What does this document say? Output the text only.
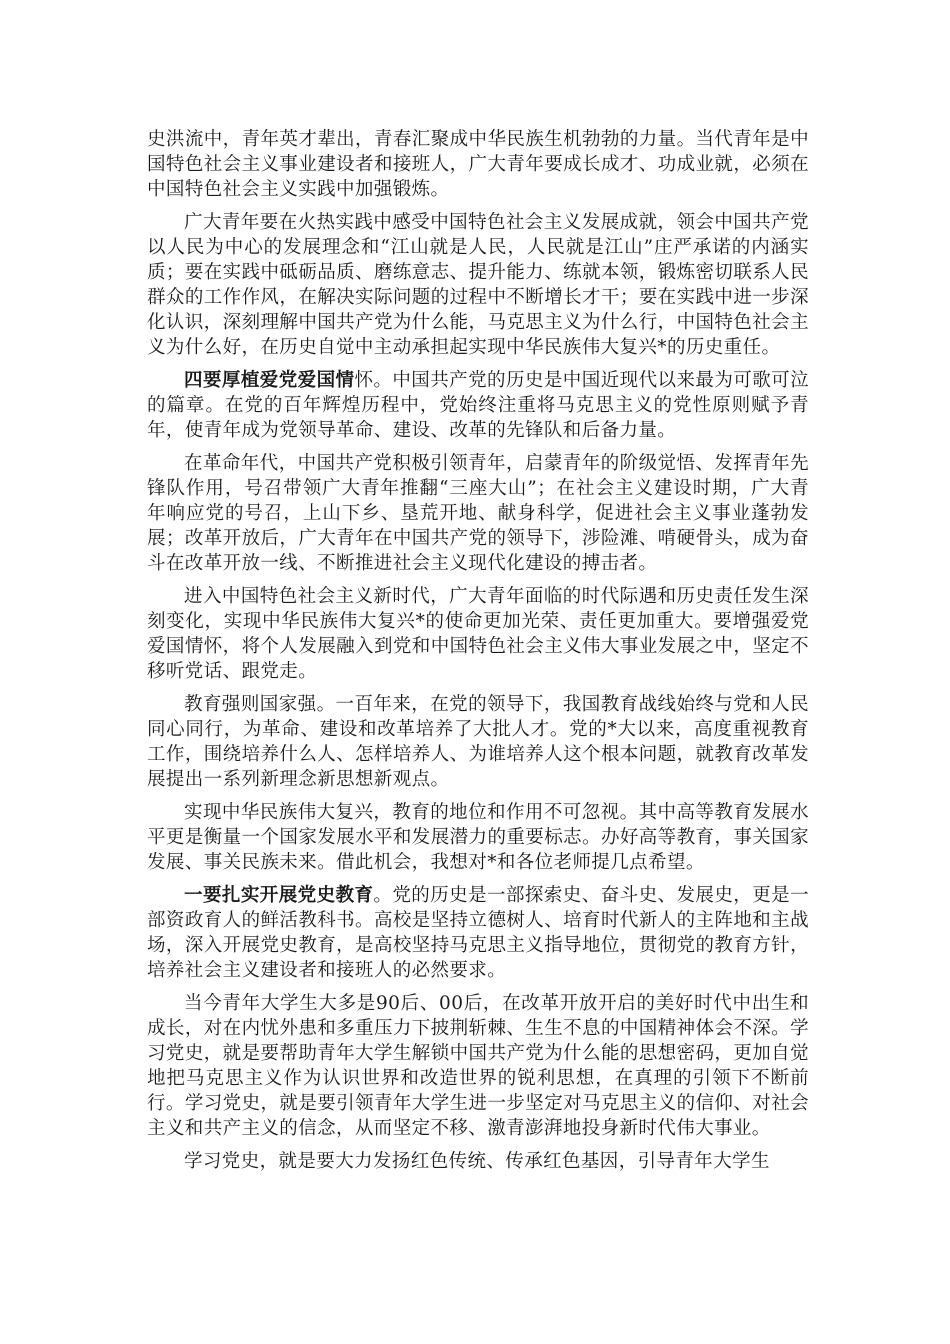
史洪流中，青年英才辈出，青春汇聚成中华民族生机勃勃的力量。当代青年是中国特色社会主义事业建设者和接班人，广大青年要成长成才、功成业就，必须在中国特色社会主义实践中加强锻炼。

广大青年要在火热实践中感受中国特色社会主义发展成就，领会中国共产党以人民为中心的发展理念和“江山就是人民，人民就是江山”庄严承诺的内涵实质；要在实践中砥砺品质、磨练意志、提升能力、练就本领，锻炼密切联系人民群众的工作作风，在解决实际问题的过程中不断增长才干；要在实践中进一步深化认识，深刻理解中国共产党为什么能，马克思主义为什么行，中国特色社会主义为什么好，在历史自觉中主动承担起实现中华民族伟大复兴*的历史重任。

四要厚植爱党爱国情怀。中国共产党的历史是中国近现代以来最为可歌可泣的篇章。在党的百年辉煌历程中，党始终注重将马克思主义的党性原则赋予青年，使青年成为党领导革命、建设、改革的先锋队和后备力量。

在革命年代，中国共产党积极引领青年，启蒙青年的阶级觉悟、发挥青年先锋队作用，号召带领广大青年推翻“三座大山”；在社会主义建设时期，广大青年响应党的号召，上山下乡、垦荒开地、献身科学，促进社会主义事业蓬勃发展；改革开放后，广大青年在中国共产党的领导下，涉险滩、啃硬骨头，成为奋斗在改革开放一线、不断推进社会主义现代化建设的搏击者。

进入中国特色社会主义新时代，广大青年面临的时代际遇和历史责任发生深刻变化，实现中华民族伟大复兴*的使命更加光荣、责任更加重大。要增强爱党爱国情怀，将个人发展融入到党和中国特色社会主义伟大事业发展之中，坚定不移听党话、跟党走。

教育强则国家强。一百年来，在党的领导下，我国教育战线始终与党和人民同心同行，为革命、建设和改革培养了大批人才。党的*大以来，高度重视教育工作，围绕培养什么人、怎样培养人、为谁培养人这个根本问题，就教育改革发展提出一系列新理念新思想新观点。

实现中华民族伟大复兴，教育的地位和作用不可忽视。其中高等教育发展水平更是衡量一个国家发展水平和发展潜力的重要标志。办好高等教育，事关国家发展、事关民族未来。借此机会，我想对*和各位老师提几点希望。

一要扎实开展党史教育。党的历史是一部探索史、奋斗史、发展史，更是一部资政育人的鲜活教科书。高校是坚持立德树人、培育时代新人的主阵地和主战场，深入开展党史教育，是高校坚持马克思主义指导地位，贯彻党的教育方针，培养社会主义建设者和接班人的必然要求。

当今青年大学生大多是90后、00后，在改革开放开启的美好时代中出生和成长，对在内忧外患和多重压力下披荆斩棘、生生不息的中国精神体会不深。学习党史，就是要帮助青年大学生解锁中国共产党为什么能的思想密码，更加自觉地把马克思主义作为认识世界和改造世界的锐利思想，在真理的引领下不断前行。学习党史，就是要引领青年大学生进一步坚定对马克思主义的信仰、对社会主义和共产主义的信念，从而坚定不移、激青澎湃地投身新时代伟大事业。

学习党史，就是要大力发扬红色传统、传承红色基因，引导青年大学生
